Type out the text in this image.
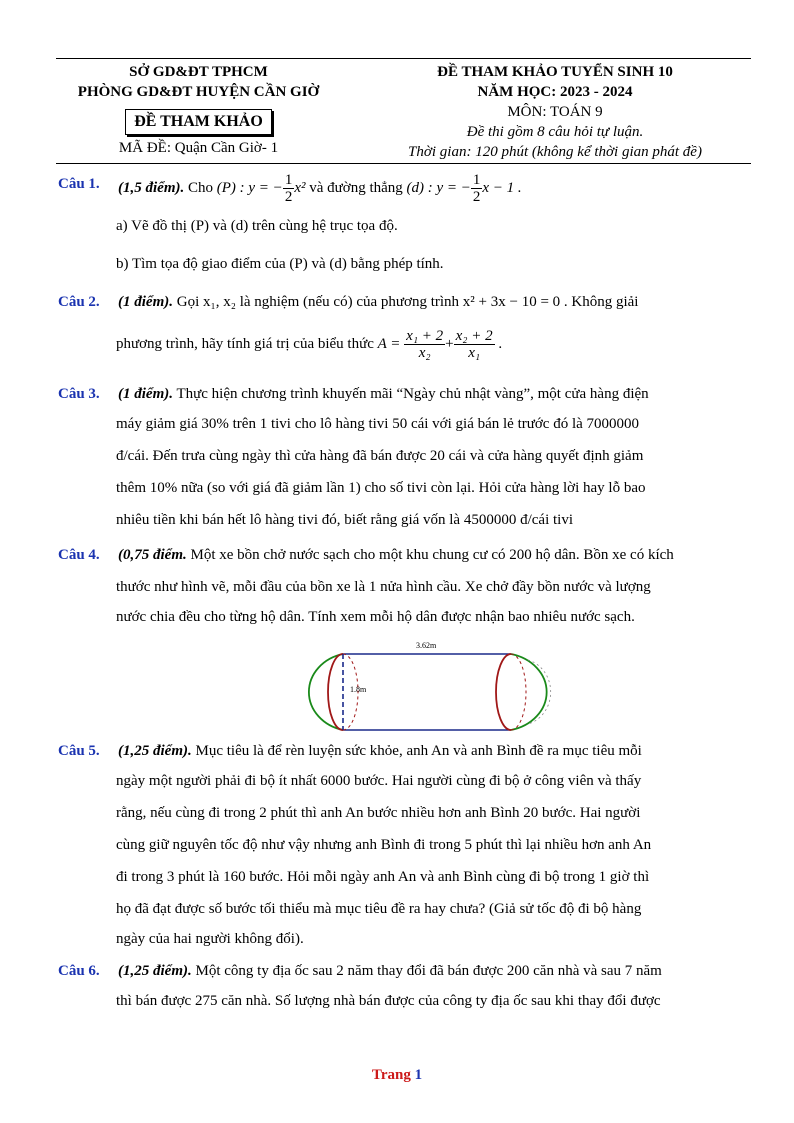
SỞ GD&ĐT TPHCM
PHÒNG GD&ĐT HUYỆN CẦN GIỜ
ĐỀ THAM KHẢO
MÃ ĐỀ: Quận Cần Giờ- 1
ĐỀ THAM KHẢO TUYỂN SINH 10
NĂM HỌC: 2023 - 2024
MÔN: TOÁN 9
Đề thi gồm 8 câu hỏi tự luận.
Thời gian: 120 phút (không kể thời gian phát đề)
Câu 1. (1,5 điểm). Cho (P) : y = − $\frac{1}{2} x^2$ và đường thẳng (d) : y = − $\frac{1}{2}$ x − 1 .
a) Vẽ đồ thị (P) và (d) trên cùng hệ trục tọa độ.
b) Tìm tọa độ giao điểm của (P) và (d) bằng phép tính.
Câu 2. (1 điểm). Gọi x₁, x₂ là nghiệm (nếu có) của phương trình x² + 3x − 10 = 0 . Không giải
phương trình, hãy tính giá trị của biểu thức $A = \frac{\text{x₁ + 2}}{\text{x₂}} + \frac{\text{x₂ + 2}}{\text{x₁}}$ .
Câu 3. (1 điểm). Thực hiện chương trình khuyến mãi “Ngày chủ nhật vàng”, một cửa hàng điện
máy giảm giá 30% trên 1 tivi cho lô hàng tivi 50 cái với giá bán lẻ trước đó là 7000000
đ/cái. Đến trưa cùng ngày thì cửa hàng đã bán được 20 cái và cửa hàng quyết định giảm
thêm 10% nữa (so với giá đã giảm lần 1) cho số tivi còn lại. Hỏi cửa hàng lời hay lỗ bao
nhiêu tiền khi bán hết lô hàng tivi đó, biết rằng giá vốn là 4500000 đ/cái tivi
Câu 4. (0,75 điểm. Một xe bồn chở nước sạch cho một khu chung cư có 200 hộ dân. Bồn xe có kích
thước như hình vẽ, mỗi đầu của bồn xe là 1 nửa hình cầu. Xe chở đầy bồn nước và lượng
nước chia đều cho từng hộ dân. Tính xem mỗi hộ dân được nhận bao nhiêu nước sạch.
3.62m
1.8m
Câu 5. (1,25 điểm). Mục tiêu là để rèn luyện sức khỏe, anh An và anh Bình đề ra mục tiêu mỗi
ngày một người phải đi bộ ít nhất 6000 bước. Hai người cùng đi bộ ở công viên và thấy
rằng, nếu cùng đi trong 2 phút thì anh An bước nhiều hơn anh Bình 20 bước. Hai người
cùng giữ nguyên tốc độ như vậy nhưng anh Bình đi trong 5 phút thì lại nhiều hơn anh An
đi trong 3 phút là 160 bước. Hỏi mỗi ngày anh An và anh Bình cùng đi bộ trong 1 giờ thì
họ đã đạt được số bước tối thiểu mà mục tiêu đề ra hay chưa? (Giả sử tốc độ đi bộ hàng
ngày của hai người không đổi).
Câu 6. (1,25 điểm). Một công ty địa ốc sau 2 năm thay đổi đã bán được 200 căn nhà và sau 7 năm
thì bán được 275 căn nhà. Số lượng nhà bán được của công ty địa ốc sau khi thay đổi được
Trang 1
